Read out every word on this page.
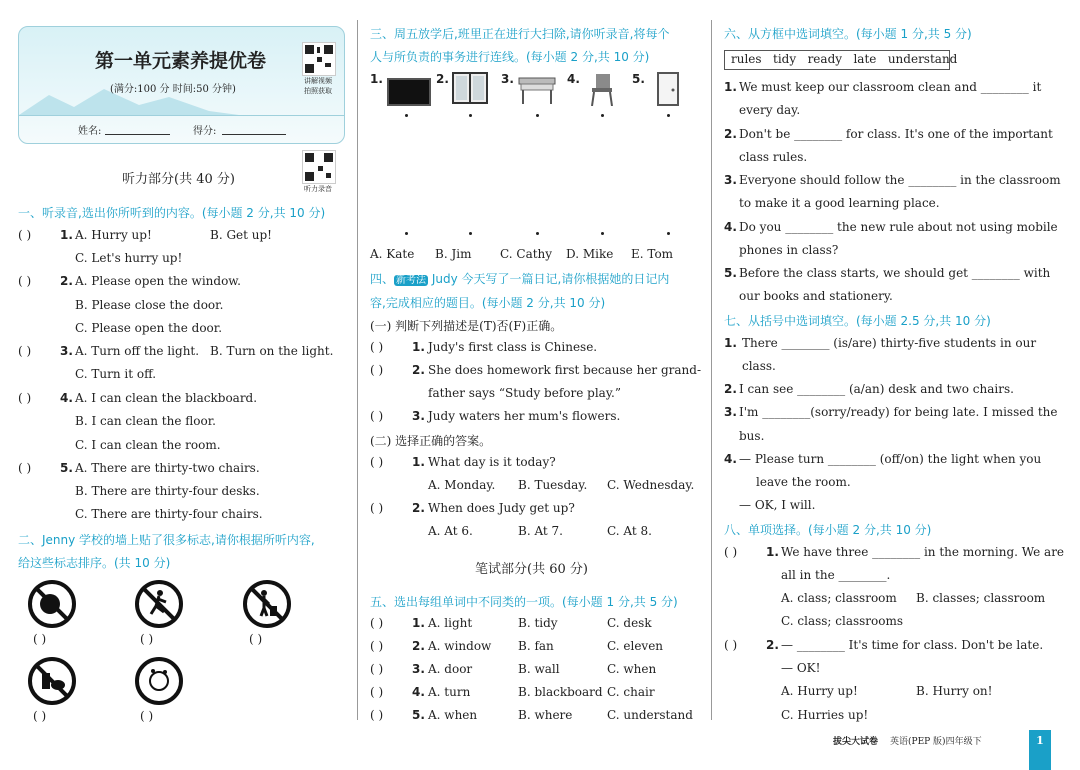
第一单元素养提优卷
(满分:100 分 时间:50 分钟)
姓名:	得分:
讲解视频
拍照获取
听力录音
听力部分(共 40 分)
一、听录音,选出你所听到的内容。(每小题 2 分,共 10 分)
( ) 1. A. Hurry up!	B. Get up!
C. Let's hurry up!
( ) 2. A. Please open the window.
B. Please close the door.
C. Please open the door.
( ) 3. A. Turn off the light. B. Turn on the light.
C. Turn it off.
( ) 4. A. I can clean the blackboard.
B. I can clean the floor.
C. I can clean the room.
( ) 5. A. There are thirty-two chairs.
B. There are thirty-four desks.
C. There are thirty-four chairs.
二、Jenny 学校的墙上贴了很多标志,请你根据所听内容,
给这些标志排序。(共 10 分)
( )	( )	( )
( )	( )
三、周五放学后,班里正在进行大扫除,请你听录音,将每个
人与所负责的事务进行连线。(每小题 2 分,共 10 分)
1.	2.	3.	4.	5.
A. Kate B. Jim C. Cathy D. Mike E. Tom
四、 新考法 Judy 今天写了一篇日记,请你根据她的日记内
容,完成相应的题目。(每小题 2 分,共 10 分)
(一) 判断下列描述是(T)否(F)正确。
( ) 1. Judy's first class is Chinese.
( ) 2. She does homework first because her grand-
father says “Study before play.”
( ) 3. Judy waters her mum's flowers.
(二) 选择正确的答案。
( ) 1. What day is it today?
A. Monday. B. Tuesday. C. Wednesday.
( ) 2. When does Judy get up?
A. At 6.	B. At 7.	C. At 8.
笔试部分(共 60 分)
五、选出每组单词中不同类的一项。(每小题 1 分,共 5 分)
( ) 1. A. light	B. tidy	C. desk
( ) 2. A. window B. fan	C. eleven
( ) 3. A. door	B. wall	C. when
( ) 4. A. turn	B. blackboard C. chair
( ) 5. A. when	B. where	C. understand
六、从方框中选词填空。(每小题 1 分,共 5 分)
rules   tidy   ready   late   understand
1. We must keep our classroom clean and ________ it
every day.
2. Don't be ________ for class. It's one of the important
class rules.
3. Everyone should follow the ________ in the classroom
to make it a good learning place.
4. Do you ________ the new rule about not using mobile
phones in class?
5. Before the class starts, we should get ________ with
our books and stationery.
七、从括号中选词填空。(每小题 2.5 分,共 10 分)
1. There ________ (is/are) thirty-five students in our
class.
2. I can see ________ (a/an) desk and two chairs.
3. I'm ________(sorry/ready) for being late. I missed the
bus.
4. — Please turn ________ (off/on) the light when you
leave the room.
— OK, I will.
八、单项选择。(每小题 2 分,共 10 分)
( ) 1. We have three ________ in the morning. We are
all in the ________.
A. class; classroom B. classes; classroom
C. class; classrooms
( ) 2. — ________ It's time for class. Don't be late.
— OK!
A. Hurry up!	B. Hurry on!
C. Hurries up!
拔尖大试卷 英语(PEP 版)四年级下	1
